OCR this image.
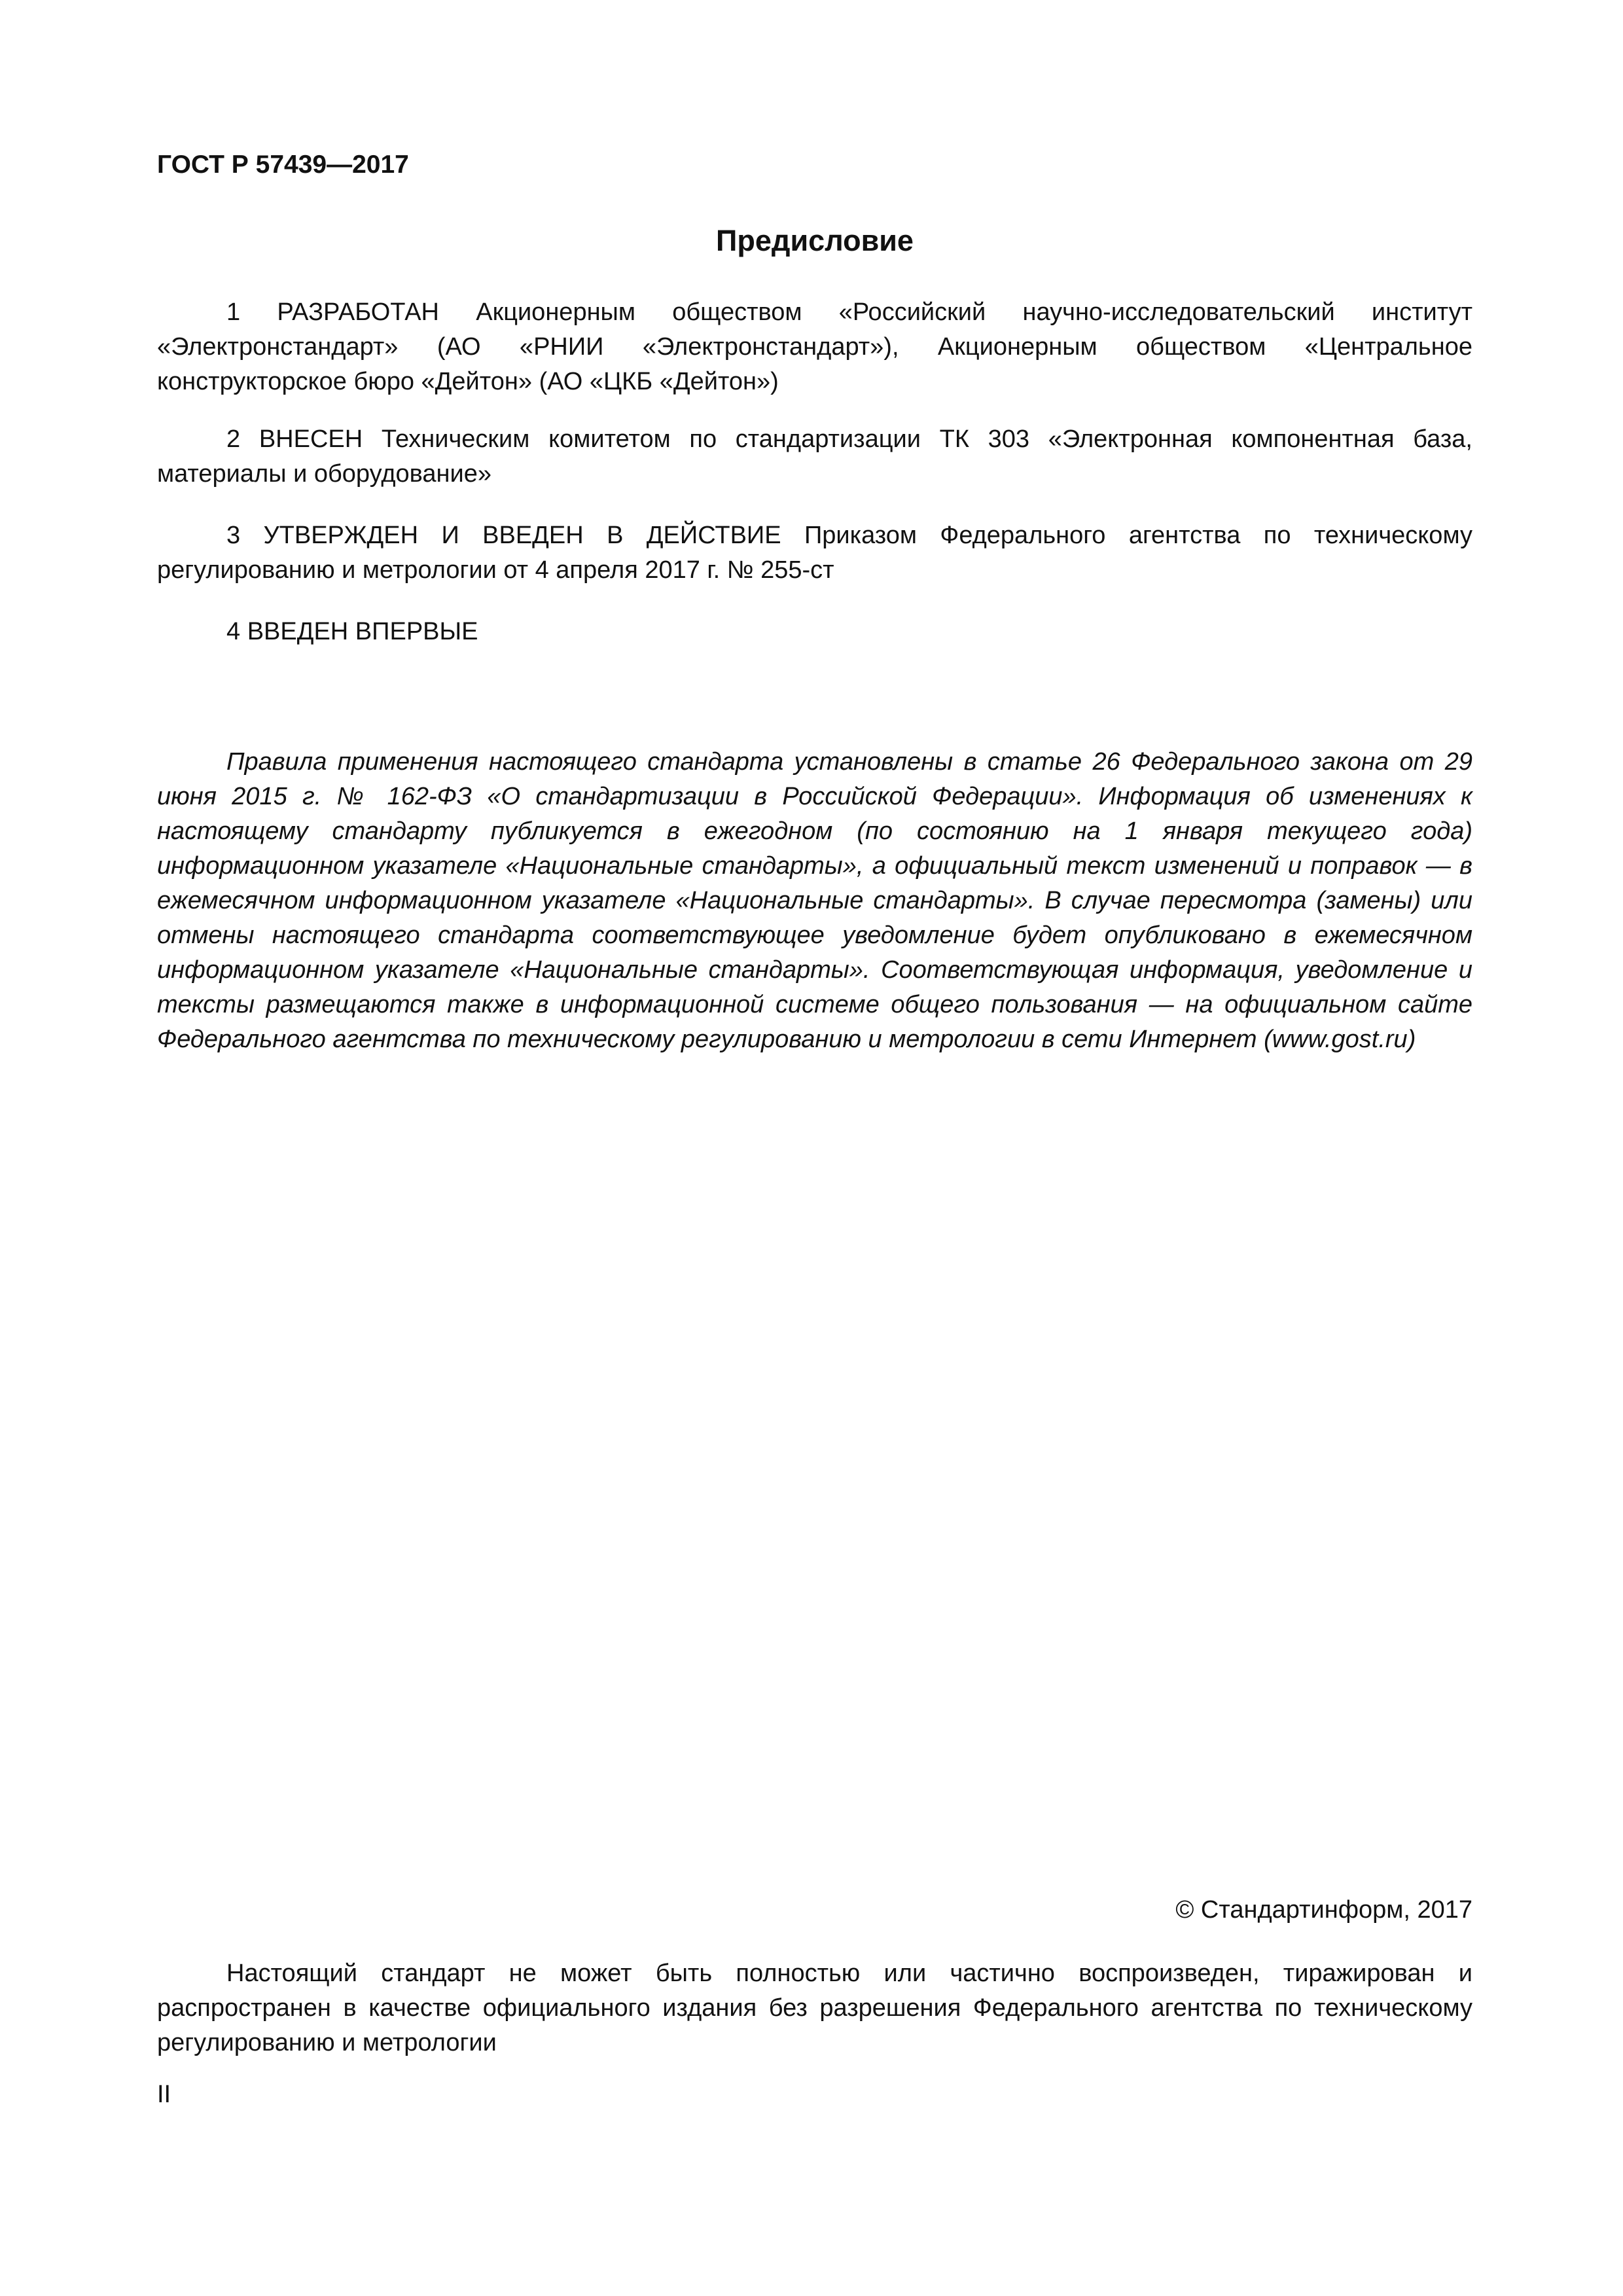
ГОСТ Р 57439—2017
Предисловие

1 РАЗРАБОТАН Акционерным обществом «Российский научно-исследовательский институт «Электронстандарт» (АО «РНИИ «Электронстандарт»), Акционерным обществом «Центральное конструкторское бюро «Дейтон» (АО «ЦКБ «Дейтон»)

2 ВНЕСЕН Техническим комитетом по стандартизации ТК 303 «Электронная компонентная база, материалы и оборудование»

3 УТВЕРЖДЕН И ВВЕДЕН В ДЕЙСТВИЕ Приказом Федерального агентства по техническому регулированию и метрологии от 4 апреля 2017 г. № 255-ст

4 ВВЕДЕН ВПЕРВЫЕ

Правила применения настоящего стандарта установлены в статье 26 Федерального закона от 29 июня 2015 г. № 162-ФЗ «О стандартизации в Российской Федерации». Информация об изменениях к настоящему стандарту публикуется в ежегодном (по состоянию на 1 января текущего года) информационном указателе «Национальные стандарты», а официальный текст изменений и поправок — в ежемесячном информационном указателе «Национальные стандарты». В случае пересмотра (замены) или отмены настоящего стандарта соответствующее уведомление будет опубликовано в ежемесячном информационном указателе «Национальные стандарты». Соответствующая информация, уведомление и тексты размещаются также в информационной системе общего пользования — на официальном сайте Федерального агентства по техническому регулированию и метрологии в сети Интернет (www.gost.ru)

© Стандартинформ, 2017

Настоящий стандарт не может быть полностью или частично воспроизведен, тиражирован и распространен в качестве официального издания без разрешения Федерального агентства по техническому регулированию и метрологии

II
